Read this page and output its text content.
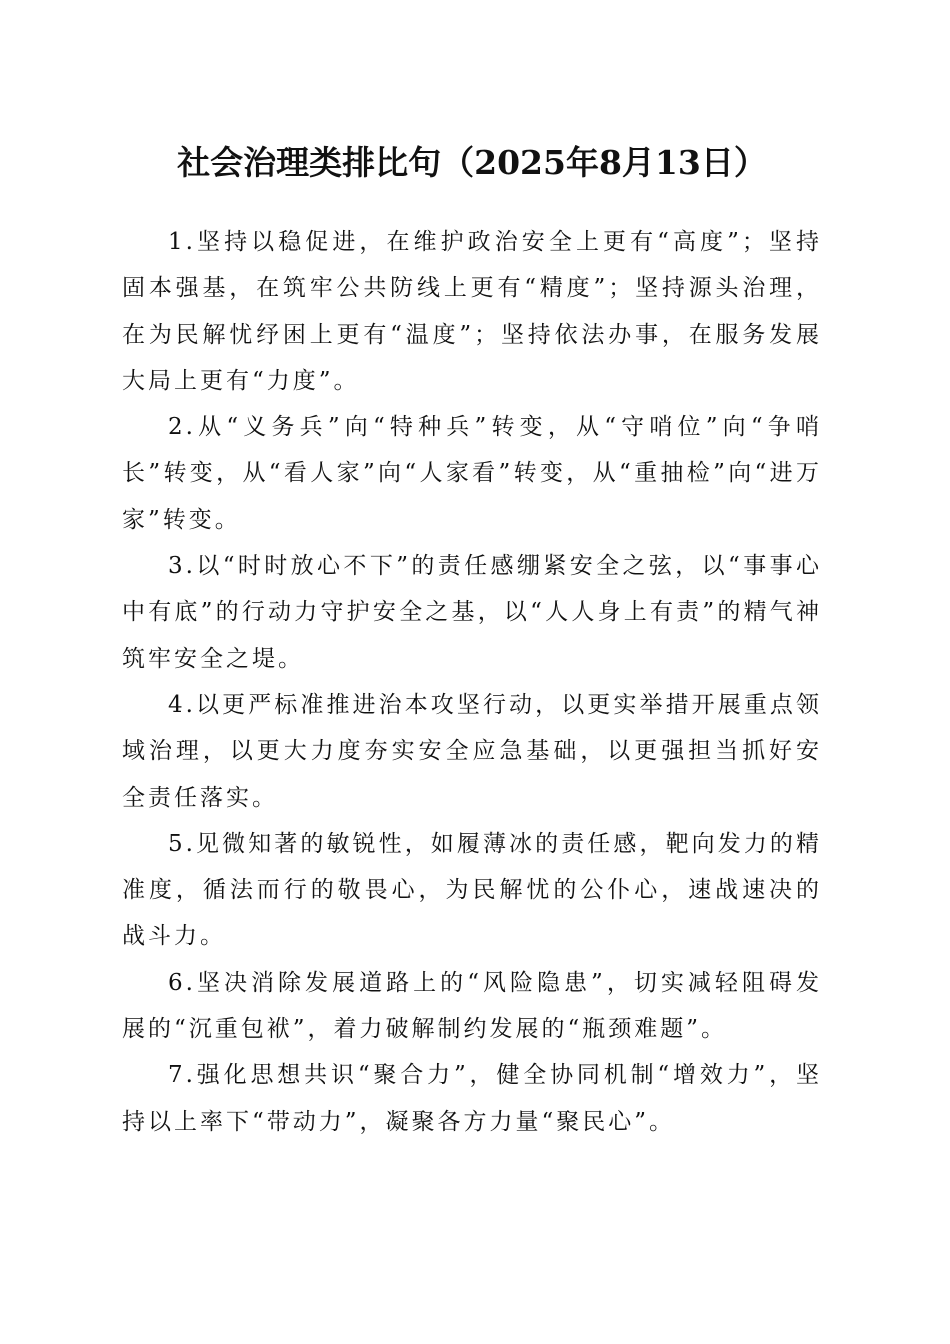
社会治理类排比句（2025年8月13日）

1.坚持以稳促进，在维护政治安全上更有“高度”；坚持固本强基，在筑牢公共防线上更有“精度”；坚持源头治理，在为民解忧纾困上更有“温度”；坚持依法办事，在服务发展大局上更有“力度”。

2.从“义务兵”向“特种兵”转变，从“守哨位”向“争哨长”转变，从“看人家”向“人家看”转变，从“重抽检”向“进万家”转变。

3.以“时时放心不下”的责任感绷紧安全之弦，以“事事心中有底”的行动力守护安全之基，以“人人身上有责”的精气神筑牢安全之堤。

4.以更严标准推进治本攻坚行动，以更实举措开展重点领域治理，以更大力度夯实安全应急基础，以更强担当抓好安全责任落实。

5.见微知著的敏锐性，如履薄冰的责任感，靶向发力的精准度，循法而行的敬畏心，为民解忧的公仆心，速战速决的战斗力。

6.坚决消除发展道路上的“风险隐患”，切实减轻阻碍发展的“沉重包袱”，着力破解制约发展的“瓶颈难题”。

7.强化思想共识“聚合力”，健全协同机制“增效力”，坚持以上率下“带动力”，凝聚各方力量“聚民心”。
